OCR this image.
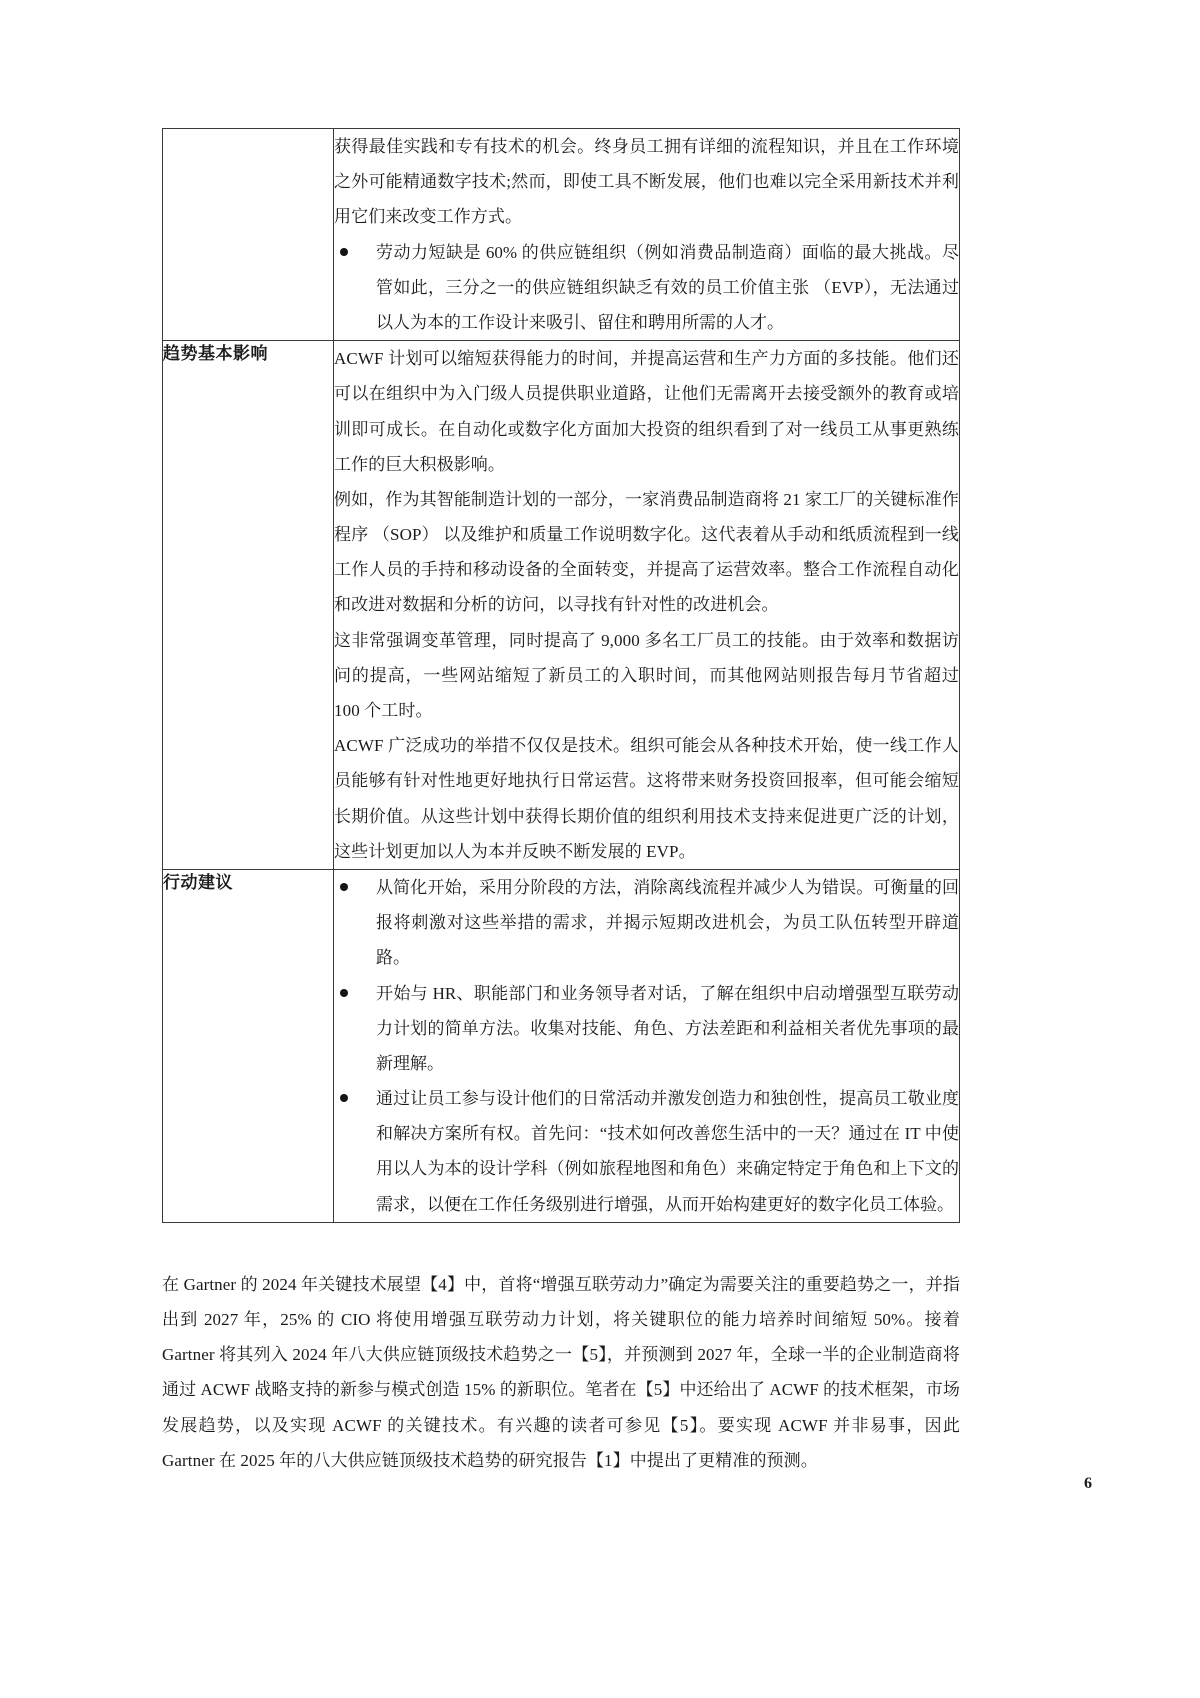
获得最佳实践和专有技术的机会。终身员工拥有详细的流程知识，并且在工作环境之外可能精通数字技术;然而，即使工具不断发展，他们也难以完全采用新技术并利用它们来改变工作方式。

劳动力短缺是 60% 的供应链组织（例如消费品制造商）面临的最大挑战。尽管如此，三分之一的供应链组织缺乏有效的员工价值主张 （EVP），无法通过以人为本的工作设计来吸引、留住和聘用所需的人才。

趋势基本影响	ACWF 计划可以缩短获得能力的时间，并提高运营和生产力方面的多技能。他们还可以在组织中为入门级人员提供职业道路，让他们无需离开去接受额外的教育或培训即可成长。在自动化或数字化方面加大投资的组织看到了对一线员工从事更熟练工作的巨大积极影响。

例如，作为其智能制造计划的一部分，一家消费品制造商将 21 家工厂的关键标准作程序 （SOP） 以及维护和质量工作说明数字化。这代表着从手动和纸质流程到一线工作人员的手持和移动设备的全面转变，并提高了运营效率。整合工作流程自动化和改进对数据和分析的访问，以寻找有针对性的改进机会。

这非常强调变革管理，同时提高了 9,000 多名工厂员工的技能。由于效率和数据访问的提高，一些网站缩短了新员工的入职时间，而其他网站则报告每月节省超过 100 个工时。

ACWF 广泛成功的举措不仅仅是技术。组织可能会从各种技术开始，使一线工作人员能够有针对性地更好地执行日常运营。这将带来财务投资回报率，但可能会缩短长期价值。从这些计划中获得长期价值的组织利用技术支持来促进更广泛的计划，这些计划更加以人为本并反映不断发展的 EVP。

行动建议	从简化开始，采用分阶段的方法，消除离线流程并减少人为错误。可衡量的回报将刺激对这些举措的需求，并揭示短期改进机会，为员工队伍转型开辟道路。
开始与 HR、职能部门和业务领导者对话，了解在组织中启动增强型互联劳动力计划的简单方法。收集对技能、角色、方法差距和利益相关者优先事项的最新理解。
通过让员工参与设计他们的日常活动并激发创造力和独创性，提高员工敬业度和解决方案所有权。首先问：“技术如何改善您生活中的一天？通过在 IT 中使用以人为本的设计学科（例如旅程地图和角色）来确定特定于角色和上下文的需求，以便在工作任务级别进行增强，从而开始构建更好的数字化员工体验。

在 Gartner 的 2024 年关键技术展望【4】中，首将“增强互联劳动力”确定为需要关注的重要趋势之一，并指出到 2027 年，25% 的 CIO 将使用增强互联劳动力计划，将关键职位的能力培养时间缩短 50%。接着 Gartner 将其列入 2024 年八大供应链顶级技术趋势之一【5】，并预测到 2027 年，全球一半的企业制造商将通过 ACWF 战略支持的新参与模式创造 15% 的新职位。笔者在【5】中还给出了 ACWF 的技术框架，市场发展趋势，以及实现 ACWF 的关键技术。有兴趣的读者可参见【5】。要实现 ACWF 并非易事，因此 Gartner 在 2025 年的八大供应链顶级技术趋势的研究报告【1】中提出了更精准的预测。

6
